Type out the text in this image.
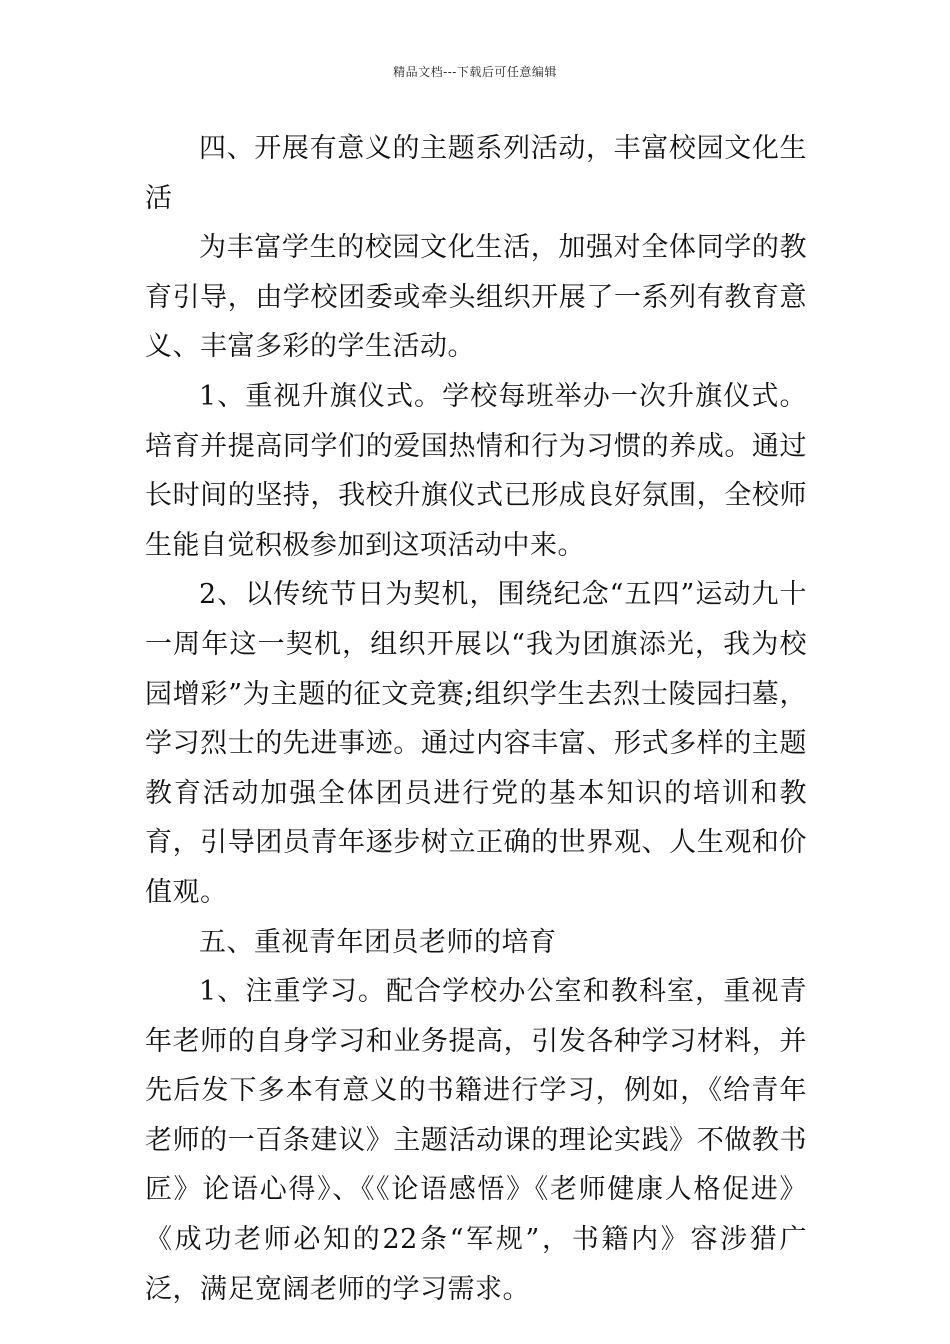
精品文档---下载后可任意编辑

四、开展有意义的主题系列活动，丰富校园文化生活

为丰富学生的校园文化生活，加强对全体同学的教育引导，由学校团委或牵头组织开展了一系列有教育意义、丰富多彩的学生活动。

1、重视升旗仪式。学校每班举办一次升旗仪式。培育并提高同学们的爱国热情和行为习惯的养成。通过长时间的坚持，我校升旗仪式已形成良好氛围，全校师生能自觉积极参加到这项活动中来。

2、以传统节日为契机，围绕纪念“五四”运动九十一周年这一契机，组织开展以“我为团旗添光，我为校园增彩”为主题的征文竞赛;组织学生去烈士陵园扫墓，学习烈士的先进事迹。通过内容丰富、形式多样的主题教育活动加强全体团员进行党的基本知识的培训和教育，引导团员青年逐步树立正确的世界观、人生观和价值观。

五、重视青年团员老师的培育

1、注重学习。配合学校办公室和教科室，重视青年老师的自身学习和业务提高，引发各种学习材料，并先后发下多本有意义的书籍进行学习，例如，《给青年老师的一百条建议》主题活动课的理论实践》不做教书匠》论语心得》、《《论语感悟》《老师健康人格促进》《成功老师必知的22条“军规”，书籍内》容涉猎广泛，满足宽阔老师的学习需求。
